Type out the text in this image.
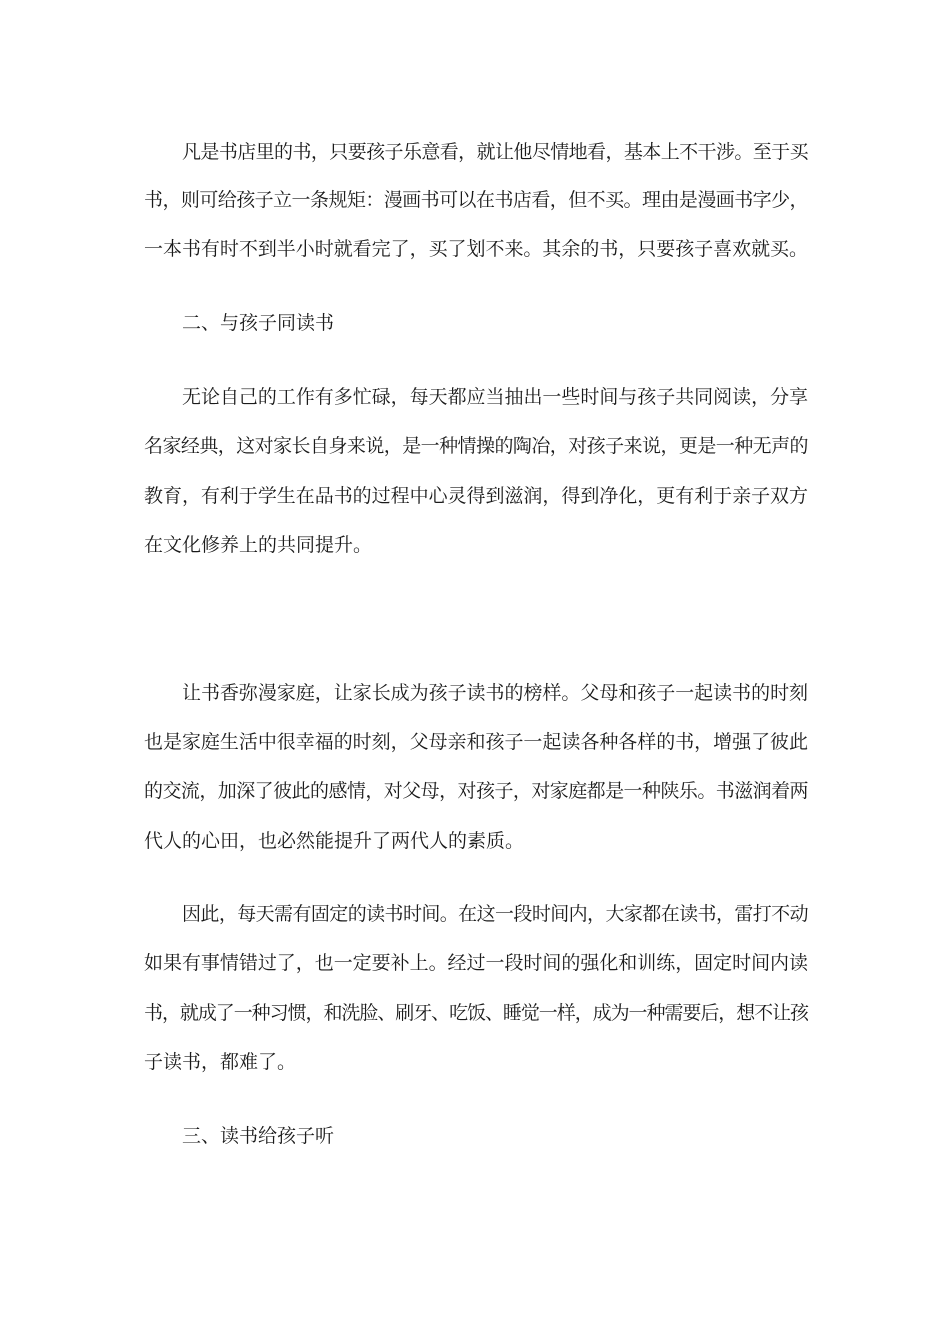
凡是书店里的书，只要孩子乐意看，就让他尽情地看，基本上不干涉。至于买
书，则可给孩子立一条规矩：漫画书可以在书店看，但不买。理由是漫画书字少，
一本书有时不到半小时就看完了，买了划不来。其余的书，只要孩子喜欢就买。
二、与孩子同读书
无论自己的工作有多忙碌，每天都应当抽出一些时间与孩子共同阅读，分享
名家经典，这对家长自身来说，是一种情操的陶冶，对孩子来说，更是一种无声的
教育，有利于学生在品书的过程中心灵得到滋润，得到净化，更有利于亲子双方
在文化修养上的共同提升。
让书香弥漫家庭，让家长成为孩子读书的榜样。父母和孩子一起读书的时刻
也是家庭生活中很幸福的时刻，父母亲和孩子一起读各种各样的书，增强了彼此
的交流，加深了彼此的感情，对父母，对孩子，对家庭都是一种陕乐。书滋润着两
代人的心田，也必然能提升了两代人的素质。
因此，每天需有固定的读书时间。在这一段时间内，大家都在读书，雷打不动
如果有事情错过了，也一定要补上。经过一段时间的强化和训练，固定时间内读
书，就成了一种习惯，和洗脸、刷牙、吃饭、睡觉一样，成为一种需要后，想不让孩
子读书，都难了。
三、读书给孩子听
